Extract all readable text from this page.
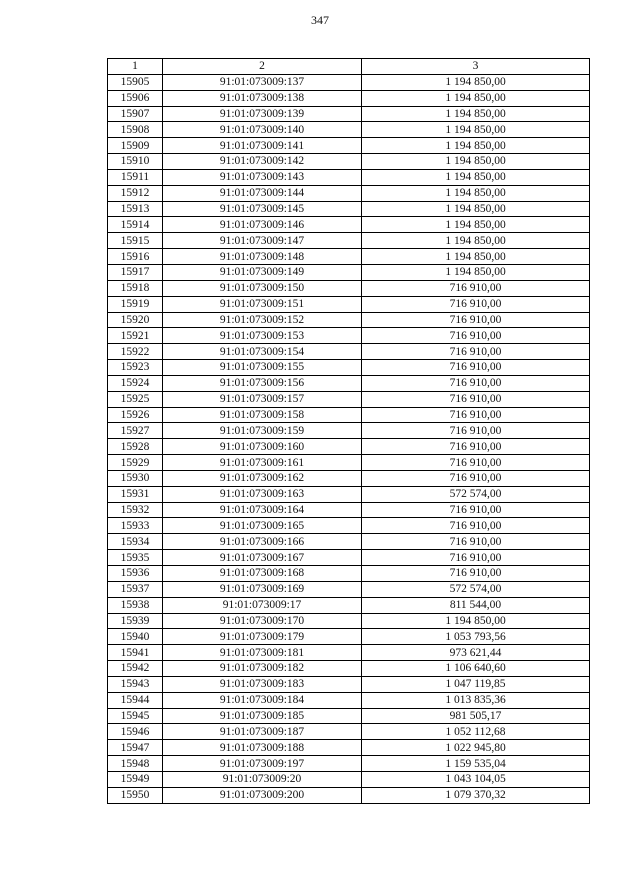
347
1	2	3
15905	91:01:073009:137	1 194 850,00
15906	91:01:073009:138	1 194 850,00
15907	91:01:073009:139	1 194 850,00
15908	91:01:073009:140	1 194 850,00
15909	91:01:073009:141	1 194 850,00
15910	91:01:073009:142	1 194 850,00
15911	91:01:073009:143	1 194 850,00
15912	91:01:073009:144	1 194 850,00
15913	91:01:073009:145	1 194 850,00
15914	91:01:073009:146	1 194 850,00
15915	91:01:073009:147	1 194 850,00
15916	91:01:073009:148	1 194 850,00
15917	91:01:073009:149	1 194 850,00
15918	91:01:073009:150	716 910,00
15919	91:01:073009:151	716 910,00
15920	91:01:073009:152	716 910,00
15921	91:01:073009:153	716 910,00
15922	91:01:073009:154	716 910,00
15923	91:01:073009:155	716 910,00
15924	91:01:073009:156	716 910,00
15925	91:01:073009:157	716 910,00
15926	91:01:073009:158	716 910,00
15927	91:01:073009:159	716 910,00
15928	91:01:073009:160	716 910,00
15929	91:01:073009:161	716 910,00
15930	91:01:073009:162	716 910,00
15931	91:01:073009:163	572 574,00
15932	91:01:073009:164	716 910,00
15933	91:01:073009:165	716 910,00
15934	91:01:073009:166	716 910,00
15935	91:01:073009:167	716 910,00
15936	91:01:073009:168	716 910,00
15937	91:01:073009:169	572 574,00
15938	91:01:073009:17	811 544,00
15939	91:01:073009:170	1 194 850,00
15940	91:01:073009:179	1 053 793,56
15941	91:01:073009:181	973 621,44
15942	91:01:073009:182	1 106 640,60
15943	91:01:073009:183	1 047 119,85
15944	91:01:073009:184	1 013 835,36
15945	91:01:073009:185	981 505,17
15946	91:01:073009:187	1 052 112,68
15947	91:01:073009:188	1 022 945,80
15948	91:01:073009:197	1 159 535,04
15949	91:01:073009:20	1 043 104,05
15950	91:01:073009:200	1 079 370,32
